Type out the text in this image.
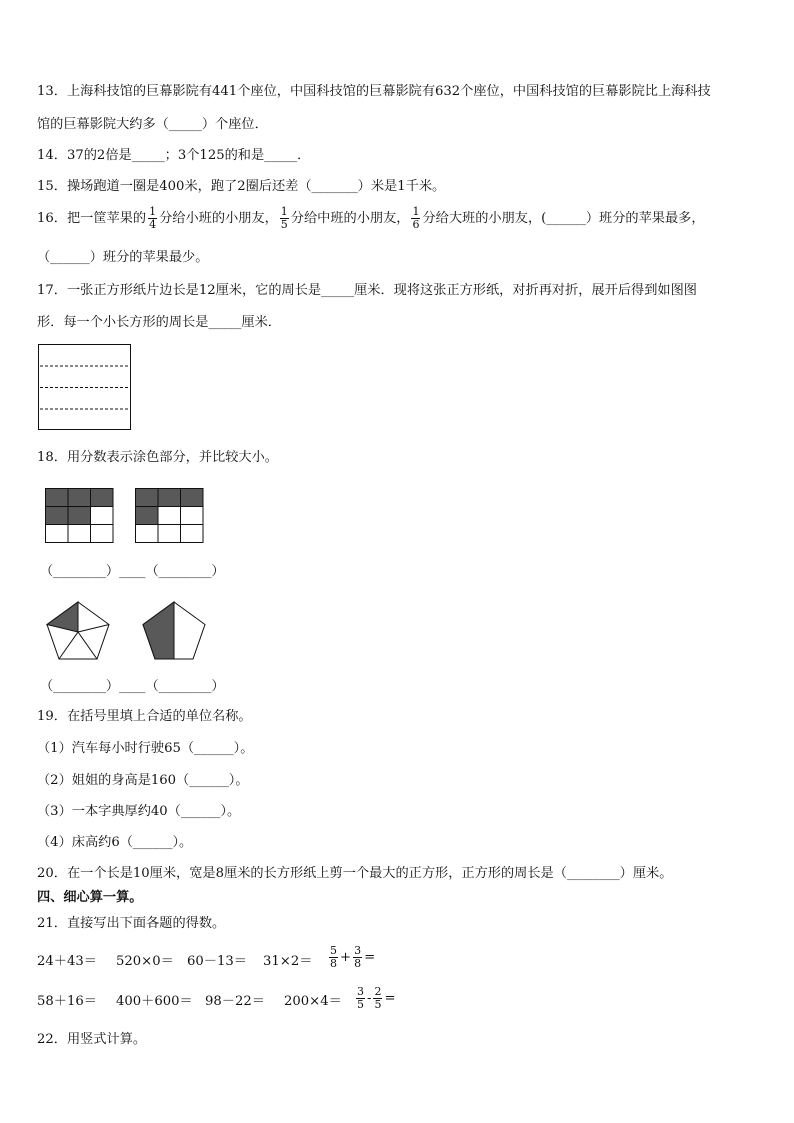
13．上海科技馆的巨幕影院有441个座位，中国科技馆的巨幕影院有632个座位，中国科技馆的巨幕影院比上海科技
馆的巨幕影院大约多（_____）个座位．
14．37的2倍是_____；3个125的和是_____．
15．操场跑道一圈是400米，跑了2圈后还差（_______）米是1千米。
16．把一筐苹果的 $\frac{1}{4}$ 分给小班的小朋友， $\frac{1}{5}$ 分给中班的小朋友， $\frac{1}{6}$ 分给大班的小朋友，(______）班分的苹果最多，
（______）班分的苹果最少。
17．一张正方形纸片边长是12厘米，它的周长是_____厘米．现将这张正方形纸，对折再对折，展开后得到如图图
形．每一个小长方形的周长是_____厘米．
18．用分数表示涂色部分，并比较大小。
（________）____（________）
（________）____（________）
19．在括号里填上合适的单位名称。
（1）汽车每小时行驶65（______）。
（2）姐姐的身高是160（______）。
（3）一本字典厚约40（______）。
（4）床高约6（______）。
20．在一个长是10厘米，宽是8厘米的长方形纸上剪一个最大的正方形，正方形的周长是（________）厘米。
四、细心算一算。
21．直接写出下面各题的得数。
$24+43= 520\times 0= 60-13= 31\times 2= \frac{5}{8} + \frac{3}{8}$ =
$58+16= 400+600= 98-22= 200\times 4= \frac{3}{5} - \frac{2}{5}$ =
22．用竖式计算。
